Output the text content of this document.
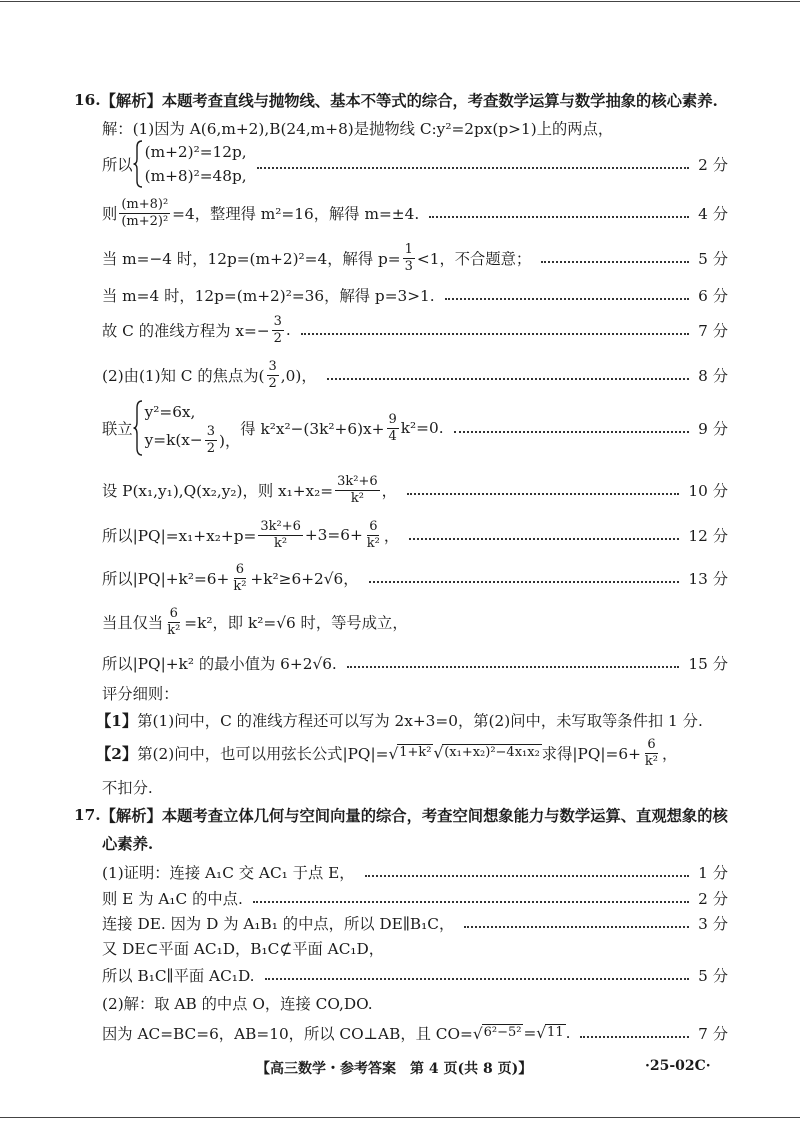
16. 【解析】 本题考查直线与抛物线、基本不等式的综合，考查数学运算与数学抽象的核心素养.
解：(1)因为 A(6,m+2),B(24,m+8)是抛物线 C:y²=2px(p>1)上的两点，
所以
(m+2)²=12p,
(m+8)²=48p,
2 分
则 $\frac{\text{(m+8)²}}{\text{(m+2)²}} =4$，整理得 m²=16，解得 m=±4.	4 分
当 m=−4 时，12p=(m+2)²=4，解得 $p= \frac{1}{3} <1$，不合题意；	5 分
当 m=4 时，12p=(m+2)²=36，解得 p=3>1.	6 分
故 C 的准线方程为 $x=- \frac{3}{2}$ .	7 分
(2)由(1)知 C 的焦点为( $\frac{3}{2} ,0$)，	8 分
联立
y²=6x,
$y=k(x- \frac{3}{2}$ )，
得 $k^2x^2-(3k^2+6)x+ \frac{9}{4} k^2=0$.	9 分
设 P(x₁,y₁),Q(x₂,y₂)，则 $x_1+x_2= \frac{\text{3k²+6}}{\text{k²}}$ ，	10 分
所以$|PQ|=x_1+x_2+p= \frac{\text{3k²+6}}{\text{k²}} +3=6+ \frac{6}{\text{k²}}$ ，	12 分
所以$|PQ|+k^2=6+ \frac{6}{\text{k²}} +k^2\ge 6+2√6$，	13 分
当且仅当 $\frac{6}{\text{k²}} =k^2$，即 k²=√6 时，等号成立，
所以|PQ|+k² 的最小值为 6+2√6.	15 分
评分细则：
【1】 第(1)问中，C 的准线方程还可以写为 2x+3=0，第(2)问中，未写取等条件扣 1 分.
【2】 第(2)问中，也可以用弦长公式|PQ|=√ 1+k² √ (x₁+x₂)²−4x₁x₂ 求得$|PQ|=6+ \frac{6}{\text{k²}}$ ，
不扣分.
17. 【解析】 本题考查立体几何与空间向量的综合，考查空间想象能力与数学运算、直观想象的核
心素养.
(1)证明：连接 A₁C 交 AC₁ 于点 E，	1 分
则 E 为 A₁C 的中点.	2 分
连接 DE. 因为 D 为 A₁B₁ 的中点，所以 DE∥B₁C，	3 分
又 DE⊂平面 AC₁D，B₁C⊄平面 AC₁D，
所以 B₁C∥平面 AC₁D.	5 分
(2)解：取 AB 的中点 O，连接 CO,DO.
因为 AC=BC=6，AB=10，所以 CO⊥AB，且 CO=√ 6²−5² =√ 11 .	7 分
【高三数学・参考答案　第 4 页(共 8 页)】	·25-02C·
